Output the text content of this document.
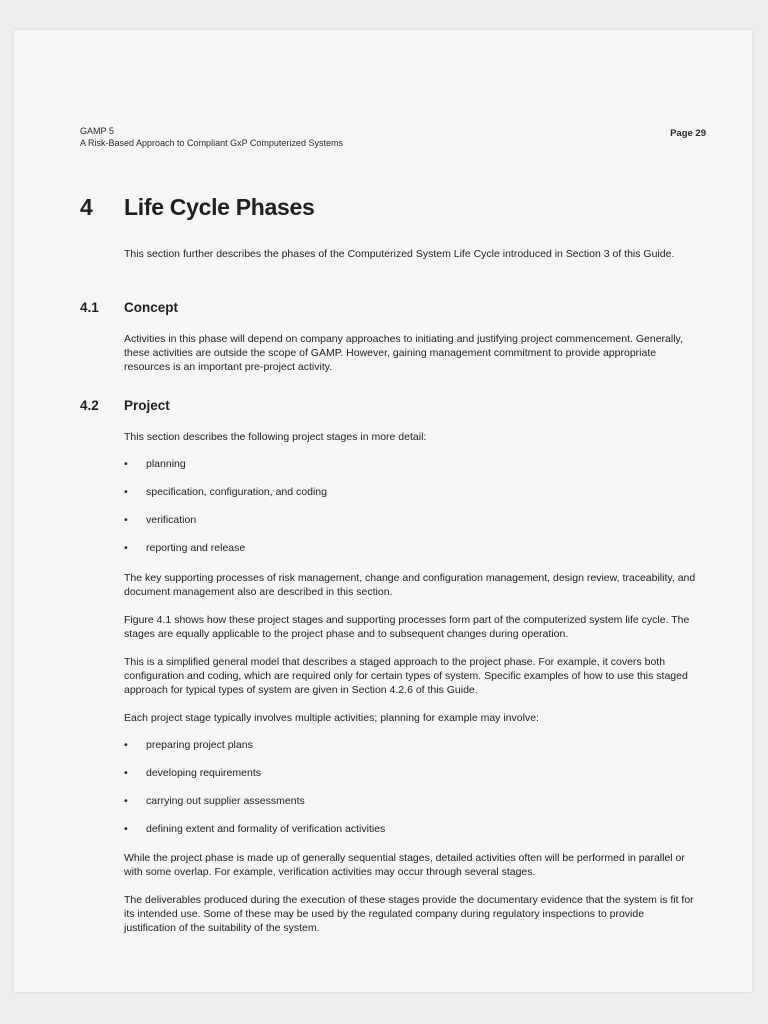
GAMP 5
A Risk-Based Approach to Compliant GxP Computerized Systems
Page 29
4 Life Cycle Phases
This section further describes the phases of the Computerized System Life Cycle introduced in Section 3 of this Guide.
4.1 Concept
Activities in this phase will depend on company approaches to initiating and justifying project commencement. Generally, these activities are outside the scope of GAMP. However, gaining management commitment to provide appropriate resources is an important pre-project activity.
4.2 Project
This section describes the following project stages in more detail:
• planning
• specification, configuration, and coding
• verification
• reporting and release
The key supporting processes of risk management, change and configuration management, design review, traceability, and document management also are described in this section.
Figure 4.1 shows how these project stages and supporting processes form part of the computerized system life cycle. The stages are equally applicable to the project phase and to subsequent changes during operation.
This is a simplified general model that describes a staged approach to the project phase. For example, it covers both configuration and coding, which are required only for certain types of system. Specific examples of how to use this staged approach for typical types of system are given in Section 4.2.6 of this Guide.
Each project stage typically involves multiple activities; planning for example may involve:
• preparing project plans
• developing requirements
• carrying out supplier assessments
• defining extent and formality of verification activities
While the project phase is made up of generally sequential stages, detailed activities often will be performed in parallel or with some overlap. For example, verification activities may occur through several stages.
The deliverables produced during the execution of these stages provide the documentary evidence that the system is fit for its intended use. Some of these may be used by the regulated company during regulatory inspections to provide justification of the suitability of the system.
